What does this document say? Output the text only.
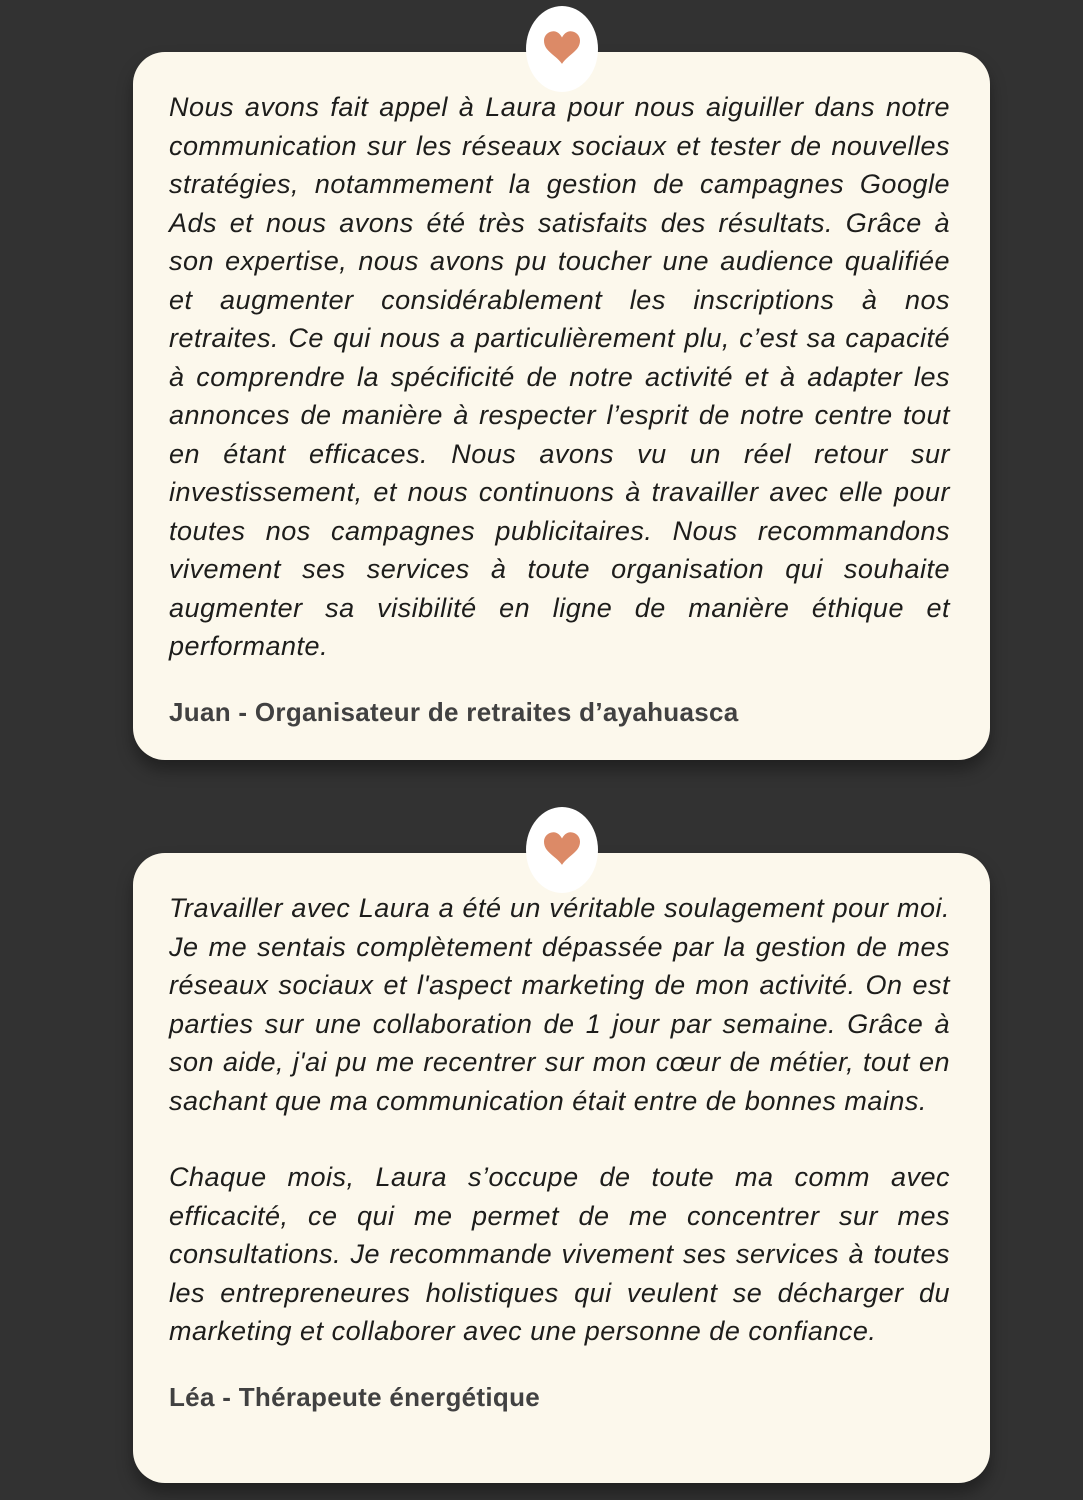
Nous avons fait appel à Laura pour nous aiguiller dans notre communication sur les réseaux sociaux et tester de nouvelles stratégies, notammement la gestion de campagnes Google Ads et nous avons été très satisfaits des résultats. Grâce à son expertise, nous avons pu toucher une audience qualifiée et augmenter considérablement les inscriptions à nos retraites. Ce qui nous a particulièrement plu, c’est sa capacité à comprendre la spécificité de notre activité et à adapter les annonces de manière à respecter l’esprit de notre centre tout en étant efficaces. Nous avons vu un réel retour sur investissement, et nous continuons à travailler avec elle pour toutes nos campagnes publicitaires. Nous recommandons vivement ses services à toute organisation qui souhaite augmenter sa visibilité en ligne de manière éthique et performante.

Juan - Organisateur de retraites d’ayahuasca

Travailler avec Laura a été un véritable soulagement pour moi. Je me sentais complètement dépassée par la gestion de mes réseaux sociaux et l'aspect marketing de mon activité. On est parties sur une collaboration de 1 jour par semaine. Grâce à son aide, j'ai pu me recentrer sur mon cœur de métier, tout en sachant que ma communication était entre de bonnes mains.

Chaque mois, Laura s’occupe de toute ma comm avec efficacité, ce qui me permet de me concentrer sur mes consultations. Je recommande vivement ses services à toutes les entrepreneures holistiques qui veulent se décharger du marketing et collaborer avec une personne de confiance.

Léa - Thérapeute énergétique
